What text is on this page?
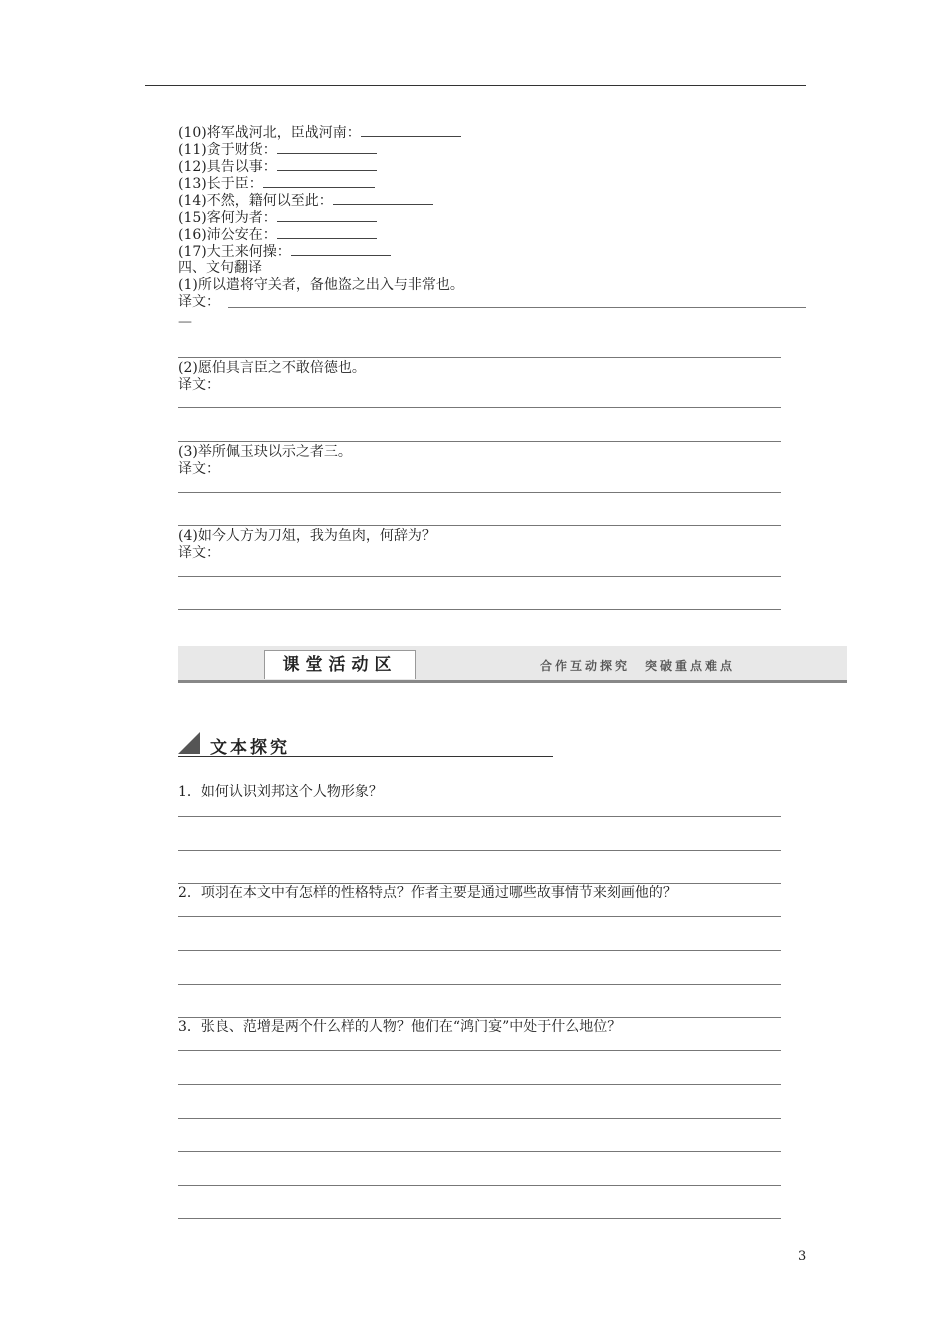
(10)将军战河北，臣战河南：
(11)贪于财货：
(12)具告以事：
(13)长于臣：
(14)不然，籍何以至此：
(15)客何为者：
(16)沛公安在：
(17)大王来何操：
四、文句翻译
(1)所以遣将守关者，备他盗之出入与非常也。
译文：
—
(2)愿伯具言臣之不敢倍德也。
译文：
(3)举所佩玉玦以示之者三。
译文：
(4)如今人方为刀俎，我为鱼肉，何辞为？
译文：
课堂活动区	合作互动探究　突破重点难点
文本探究
1．如何认识刘邦这个人物形象？
2．项羽在本文中有怎样的性格特点？作者主要是通过哪些故事情节来刻画他的？
3．张良、范增是两个什么样的人物？他们在“鸿门宴”中处于什么地位？
3
